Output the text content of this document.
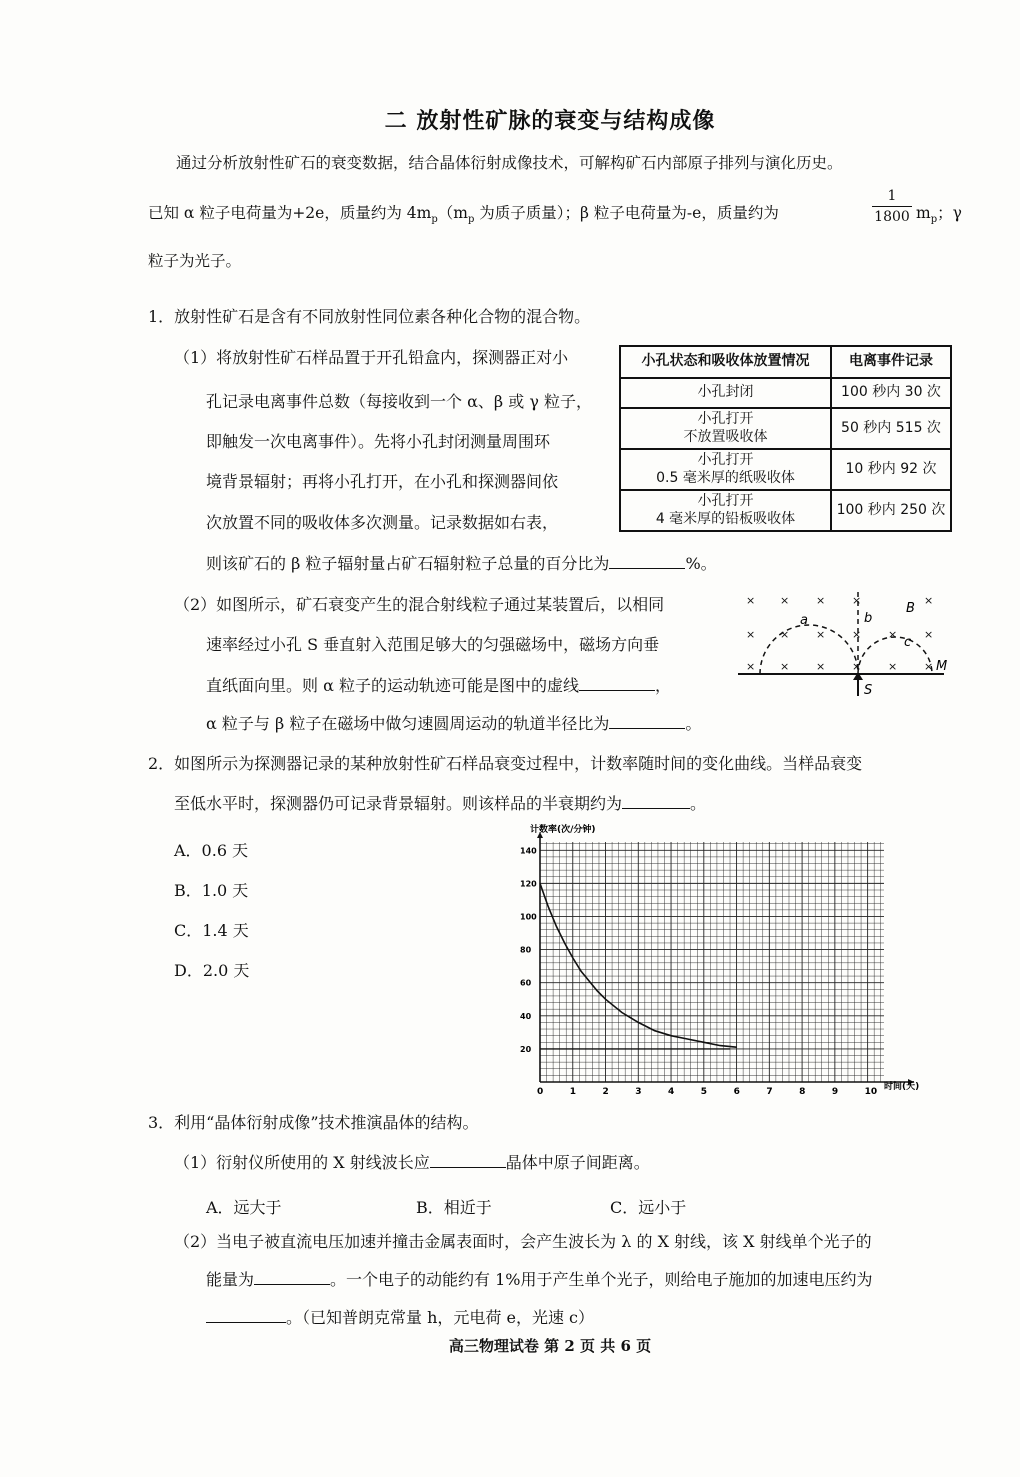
二 放射性矿脉的衰变与结构成像
通过分析放射性矿石的衰变数据，结合晶体衍射成像技术，可解构矿石内部原子排列与演化历史。
已知 α 粒子电荷量为+2e，质量约为 $4m_p(m_p$ 为质子质量）；β 粒子电荷量为-e，质量约为
1
1800 $m_p$；γ
粒子为光子。
1．放射性矿石是含有不同放射性同位素各种化合物的混合物。
（1）将放射性矿石样品置于开孔铅盒内，探测器正对小
孔记录电离事件总数（每接收到一个 α、β 或 γ 粒子，
即触发一次电离事件）。先将小孔封闭测量周围环
境背景辐射；再将小孔打开，在小孔和探测器间依
次放置不同的吸收体多次测量。记录数据如右表，
则该矿石的 β 粒子辐射量占矿石辐射粒子总量的百分比为	%。
小孔状态和吸收体放置情况	电离事件记录

小孔封闭	100 秒内 30 次

小孔打开
不放置吸收体	50 秒内 515 次

小孔打开
0.5 毫米厚的纸吸收体	10 秒内 92 次

小孔打开
4 毫米厚的铅板吸收体	100 秒内 250 次
（2）如图所示，矿石衰变产生的混合射线粒子通过某装置后，以相同
速率经过小孔 S 垂直射入范围足够大的匀强磁场中，磁场方向垂
直纸面向里。则 α 粒子的运动轨迹可能是图中的虚线	，
α 粒子与 β 粒子在磁场中做匀速圆周运动的轨道半径比为	。
× × × ×	×
× × × × × ×
× × × × × ×
a	b
B
c
M
S
2．如图所示为探测器记录的某种放射性矿石样品衰变过程中，计数率随时间的变化曲线。当样品衰变
至低水平时，探测器仍可记录背景辐射。则该样品的半衰期约为	。
A．0.6 天
B．1.0 天
C．1.4 天
D．2.0 天
0	1	2	3	4	5	6	7	8	9	10
20
40
60
80
100
120
140
计数率(次/分钟)
时间(天)
3．利用“晶体衍射成像”技术推演晶体的结构。
（1）衍射仪所使用的 X 射线波长应	晶体中原子间距离。
A．远大于	B．相近于	C．远小于
（2）当电子被直流电压加速并撞击金属表面时，会产生波长为 λ 的 X 射线，该 X 射线单个光子的
能量为	。一个电子的动能约有 1%用于产生单个光子，则给电子施加的加速电压约为
。（已知普朗克常量 h，元电荷 e，光速 c）
高三物理试卷 第 2 页 共 6 页
